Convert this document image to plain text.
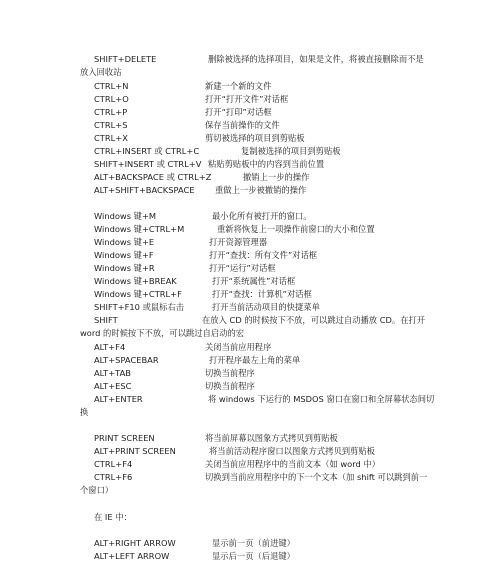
SHIFT+DELETE	删除被选择的选择项目，如果是文件，将被直接删除而不是放入回收站
CTRL+N	新建一个新的文件
CTRL+O	打开“打开文件”对话框
CTRL+P	打开“打印”对话框
CTRL+S	保存当前操作的文件
CTRL+X	剪切被选择的项目到剪贴板
CTRL+INSERT 或 CTRL+C	复制被选择的项目到剪贴板
SHIFT+INSERT 或 CTRL+V 粘贴剪贴板中的内容到当前位置
ALT+BACKSPACE 或 CTRL+Z	撤销上一步的操作
ALT+SHIFT+BACKSPACE 重做上一步被撤销的操作
Windows 键+M	最小化所有被打开的窗口。
Windows 键+CTRL+M	重新将恢复上一项操作前窗口的大小和位置
Windows 键+E	打开资源管理器
Windows 键+F	打开“查找：所有文件”对话框
Windows 键+R	打开“运行”对话框
Windows 键+BREAK	打开“系统属性”对话框
Windows 键+CTRL+F	打开“查找：计算机”对话框
SHIFT+F10 或鼠标右击	打开当前活动项目的快捷菜单
SHIFT	在放入 CD 的时候按下不放，可以跳过自动播放 CD。在打开 word 的时候按下不放，可以跳过自启动的宏
ALT+F4	关闭当前应用程序
ALT+SPACEBAR	打开程序最左上角的菜单
ALT+TAB	切换当前程序
ALT+ESC	切换当前程序
ALT+ENTER	将 windows 下运行的 MSDOS 窗口在窗口和全屏幕状态间切换
PRINT SCREEN	将当前屏幕以图象方式拷贝到剪贴板
ALT+PRINT SCREEN	将当前活动程序窗口以图象方式拷贝到剪贴板
CTRL+F4	关闭当前应用程序中的当前文本（如 word 中）
CTRL+F6	切换到当前应用程序中的下一个文本（加 shift 可以跳到前一个窗口）
在 IE 中：
ALT+RIGHT ARROW	显示前一页（前进键）
ALT+LEFT ARROW	显示后一页（后退键）
